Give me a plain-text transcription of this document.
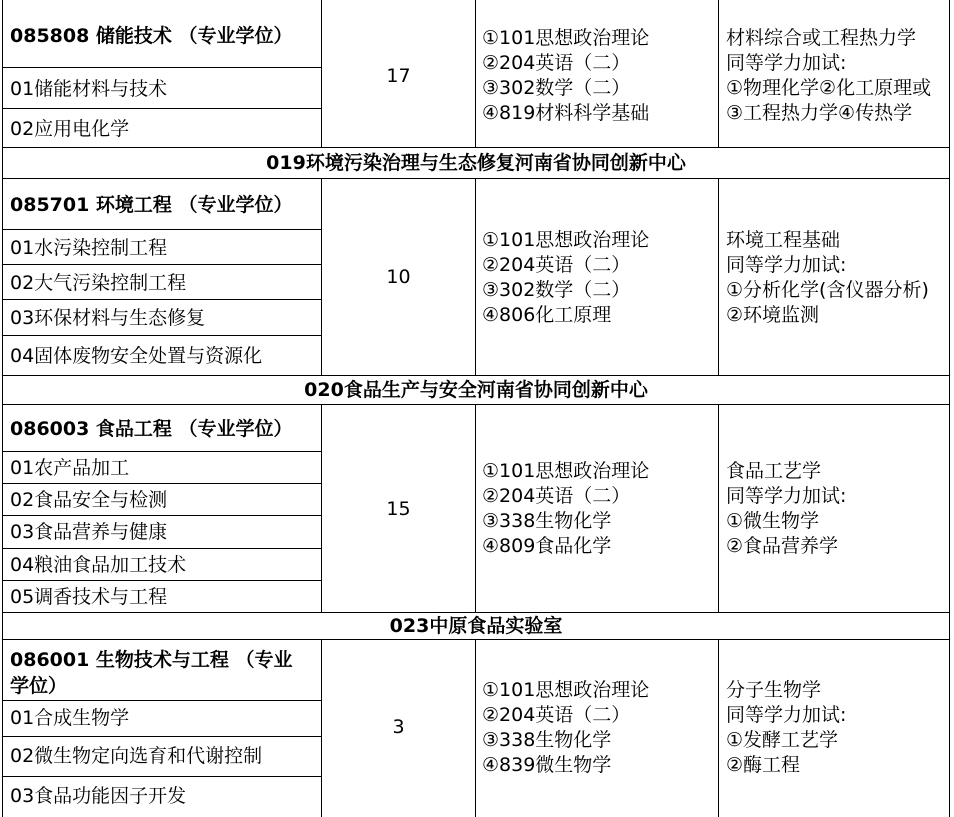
085808 储能技术 （专业学位）
01储能材料与技术
02应用电化学
17
①101思想政治理论
②204英语（二）
③302数学（二）
④819材料科学基础
材料综合或工程热力学
同等学力加试:
①物理化学②化工原理或
③工程热力学④传热学
019环境污染治理与生态修复河南省协同创新中心
085701 环境工程 （专业学位）
01水污染控制工程
02大气污染控制工程
03环保材料与生态修复
04固体废物安全处置与资源化
10
①101思想政治理论
②204英语（二）
③302数学（二）
④806化工原理
环境工程基础
同等学力加试:
①分析化学(含仪器分析)
②环境监测
020食品生产与安全河南省协同创新中心
086003 食品工程 （专业学位）
01农产品加工
02食品安全与检测
03食品营养与健康
04粮油食品加工技术
05调香技术与工程
15
①101思想政治理论
②204英语（二）
③338生物化学
④809食品化学
食品工艺学
同等学力加试:
①微生物学
②食品营养学
023中原食品实验室
086001 生物技术与工程 （专业学位）
01合成生物学
02微生物定向选育和代谢控制
03食品功能因子开发
3
①101思想政治理论
②204英语（二）
③338生物化学
④839微生物学
分子生物学
同等学力加试:
①发酵工艺学
②酶工程
